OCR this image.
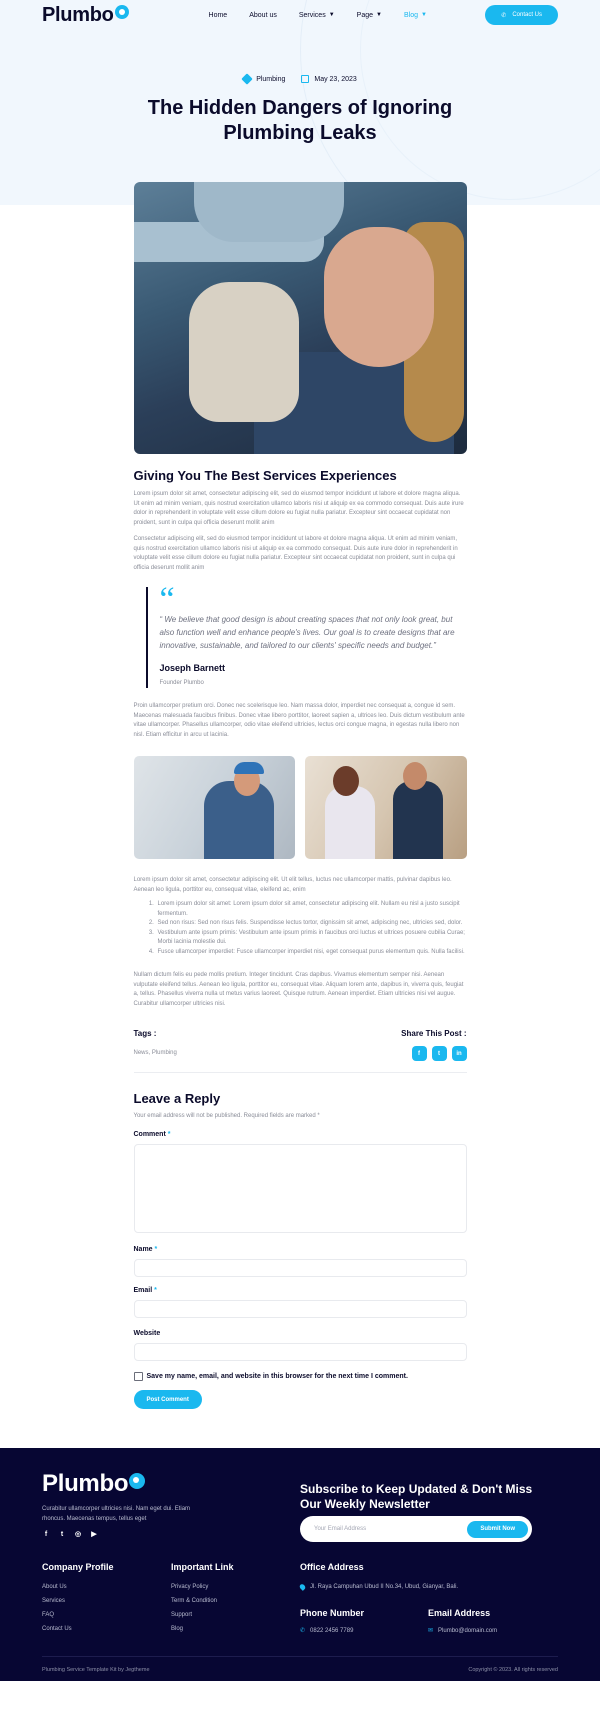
Plumbo	Home	About us	Services ▼	Page ▼	Blog ▼	✆ Contact Us
Plumbing	May 23, 2023
The Hidden Dangers of Ignoring Plumbing Leaks
Giving You The Best Services Experiences

Lorem ipsum dolor sit amet, consectetur adipiscing elit, sed do eiusmod tempor incididunt ut labore et dolore magna aliqua. Ut enim ad minim veniam, quis nostrud exercitation ullamco laboris nisi ut aliquip ex ea commodo consequat. Duis aute irure dolor in reprehenderit in voluptate velit esse cillum dolore eu fugiat nulla pariatur. Excepteur sint occaecat cupidatat non proident, sunt in culpa qui officia deserunt mollit anim

Consectetur adipiscing elit, sed do eiusmod tempor incididunt ut labore et dolore magna aliqua. Ut enim ad minim veniam, quis nostrud exercitation ullamco laboris nisi ut aliquip ex ea commodo consequat. Duis aute irure dolor in reprehenderit in voluptate velit esse cillum dolore eu fugiat nulla pariatur. Excepteur sint occaecat cupidatat non proident, sunt in culpa qui officia deserunt mollit anim

“
“ We believe that good design is about creating spaces that not only look great, but also function well and enhance people's lives. Our goal is to create designs that are innovative, sustainable, and tailored to our clients' specific needs and budget.”
Joseph Barnett
Founder Plumbo

Proin ullamcorper pretium orci. Donec nec scelerisque leo. Nam massa dolor, imperdiet nec consequat a, congue id sem. Maecenas malesuada faucibus finibus. Donec vitae libero porttitor, laoreet sapien a, ultrices leo. Duis dictum vestibulum ante vitae ullamcorper. Phasellus ullamcorper, odio vitae eleifend ultricies, lectus orci congue magna, in egestas nulla libero non nisl. Etiam efficitur in arcu ut lacinia.

Lorem ipsum dolor sit amet, consectetur adipiscing elit. Ut elit tellus, luctus nec ullamcorper mattis, pulvinar dapibus leo. Aenean leo ligula, porttitor eu, consequat vitae, eleifend ac, enim

1. Lorem ipsum dolor sit amet: Lorem ipsum dolor sit amet, consectetur adipiscing elit. Nullam eu nisl a justo suscipit fermentum.
2. Sed non risus: Sed non risus felis. Suspendisse lectus tortor, dignissim sit amet, adipiscing nec, ultricies sed, dolor.
3. Vestibulum ante ipsum primis: Vestibulum ante ipsum primis in faucibus orci luctus et ultrices posuere cubilia Curae; Morbi lacinia molestie dui.
4. Fusce ullamcorper imperdiet: Fusce ullamcorper imperdiet nisi, eget consequat purus elementum quis. Nulla facilisi.

Nullam dictum felis eu pede mollis pretium. Integer tincidunt. Cras dapibus. Vivamus elementum semper nisi. Aenean vulputate eleifend tellus. Aenean leo ligula, porttitor eu, consequat vitae. Aliquam lorem ante, dapibus in, viverra quis, feugiat a, tellus. Phasellus viverra nulla ut metus varius laoreet. Quisque rutrum. Aenean imperdiet. Etiam ultricies nisi vel augue. Curabitur ullamcorper ultricies nisi.

Tags :
News, Plumbing
Share This Post :
f	t	in
Leave a Reply
Your email address will not be published. Required fields are marked *
Comment *
Name *
Email *
Website
Save my name, email, and website in this browser for the next time I comment.
Post Comment
Plumbo
Curabitur ullamcorper ultricies nisi. Nam eget dui. Etiam rhoncus. Maecenas tempus, tellus eget
f	t	◎ ▶
Subscribe to Keep Updated & Don't Miss Our Weekly Newsletter
Your Email Address	Submit Now
Company Profile
About Us
Services
FAQ
Contact Us
Important Link
Privacy Policy
Term & Condition
Support
Blog
Office Address
Jl. Raya Campuhan Ubud II No.34, Ubud, Gianyar, Bali.
Phone Number
✆ 0822 2456 7789
Email Address
✉ Plumbo@domain.com
Plumbing Service Template Kit by Jegtheme	Copyright © 2023. All rights reserved
